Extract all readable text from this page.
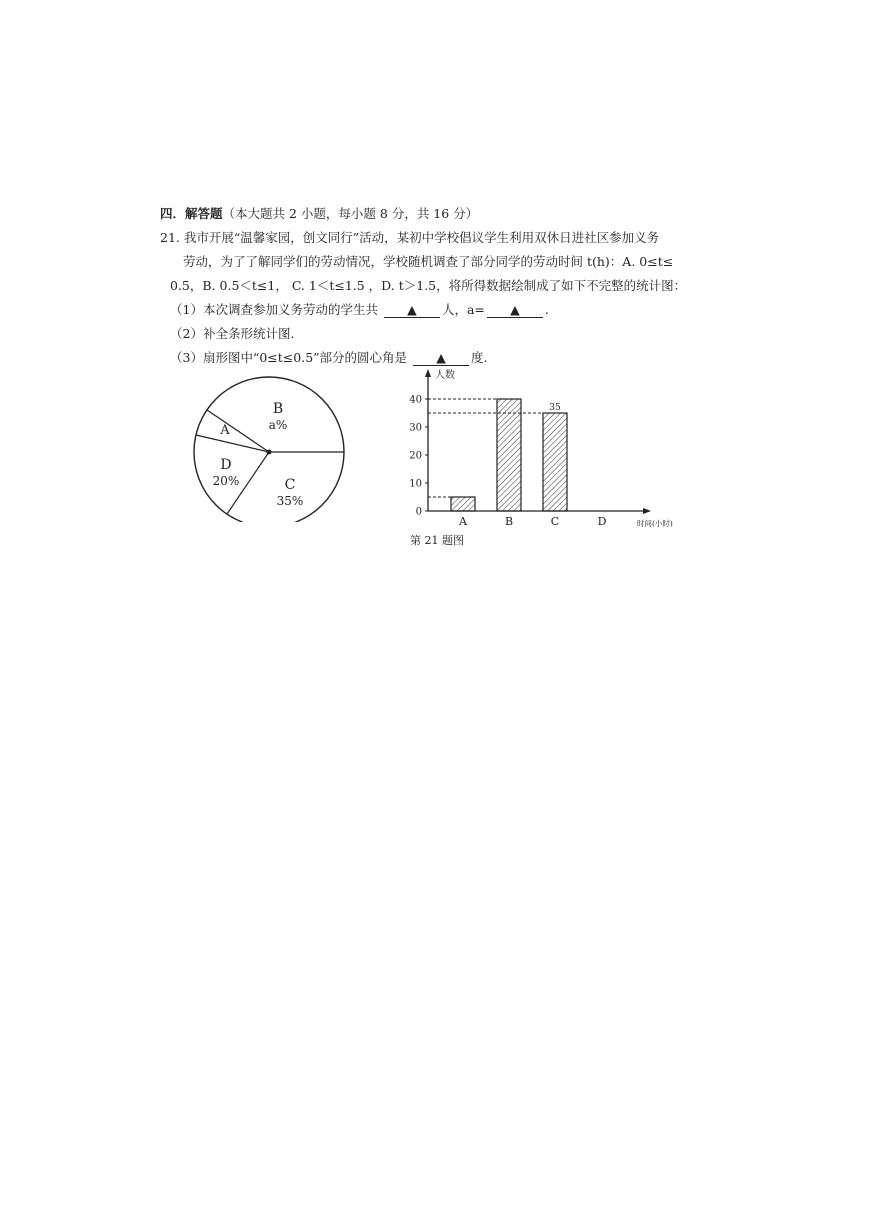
四．解答题（本大题共 2 小题，每小题 8 分，共 16 分）
21. 我市开展“温馨家园，创文同行”活动，某初中学校倡议学生利用双休日进社区参加义务
劳动，为了了解同学们的劳动情况，学校随机调查了部分同学的劳动时间 t(h)：A. 0≤t≤
0.5，B. 0.5＜t≤1， C. 1＜t≤1.5 ，D. t＞1.5，将所得数据绘制成了如下不完整的统计图：
（1）本次调查参加义务劳动的学生共 ▲ 人，a= ▲ .
（2）补全条形统计图.
（3）扇形图中“0≤t≤0.5”部分的圆心角是 ▲ 度.
B
a%
A
D
20%	C
35%
人数
时间(小时)
0
10
20
30
40
35
A	B	C	D
第 21 题图
